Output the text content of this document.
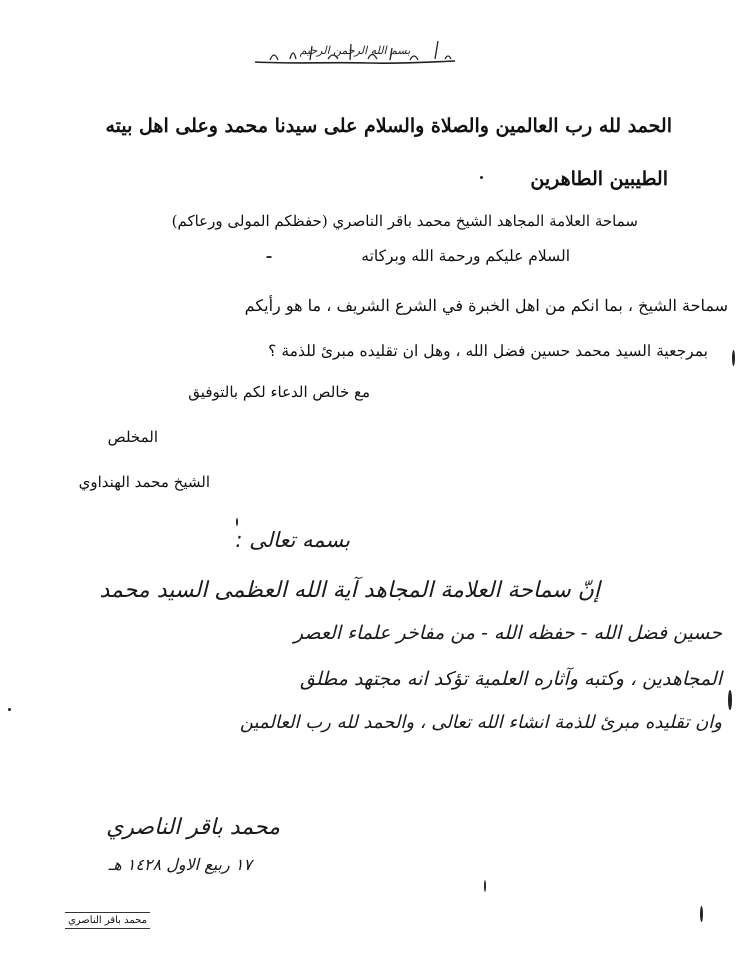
بسم الله الرحمن الرحيم
الحمد لله رب العالمين والصلاة والسلام على سيدنا محمد وعلى اهل بيته
الطيبين الطاهرين
سماحة العلامة المجاهد الشيخ محمد باقر الناصري (حفظكم المولى ورعاكم)
السلام عليكم ورحمة الله وبركاته
سماحة الشيخ ، بما انكم من اهل الخبرة في الشرع الشريف ، ما هو رأيكم
بمرجعية السيد محمد حسين فضل الله ، وهل ان تقليده مبرئ للذمة ؟
مع خالص الدعاء لكم بالتوفيق
المخلص
الشيخ محمد الهنداوي
بسمه تعالى :
إنّ سماحة العلامة المجاهد آية الله العظمى السيد محمد
حسين فضل الله - حفظه الله - من مفاخر علماء العصر
المجاهدين ، وكتبه وآثاره العلمية تؤكد انه مجتهد مطلق
وان تقليده مبرئ للذمة انشاء الله تعالى ، والحمد لله رب العالمين
محمد باقر الناصري
١٧ ربيع الاول ١٤٢٨ هـ
محمد باقر الناصري
